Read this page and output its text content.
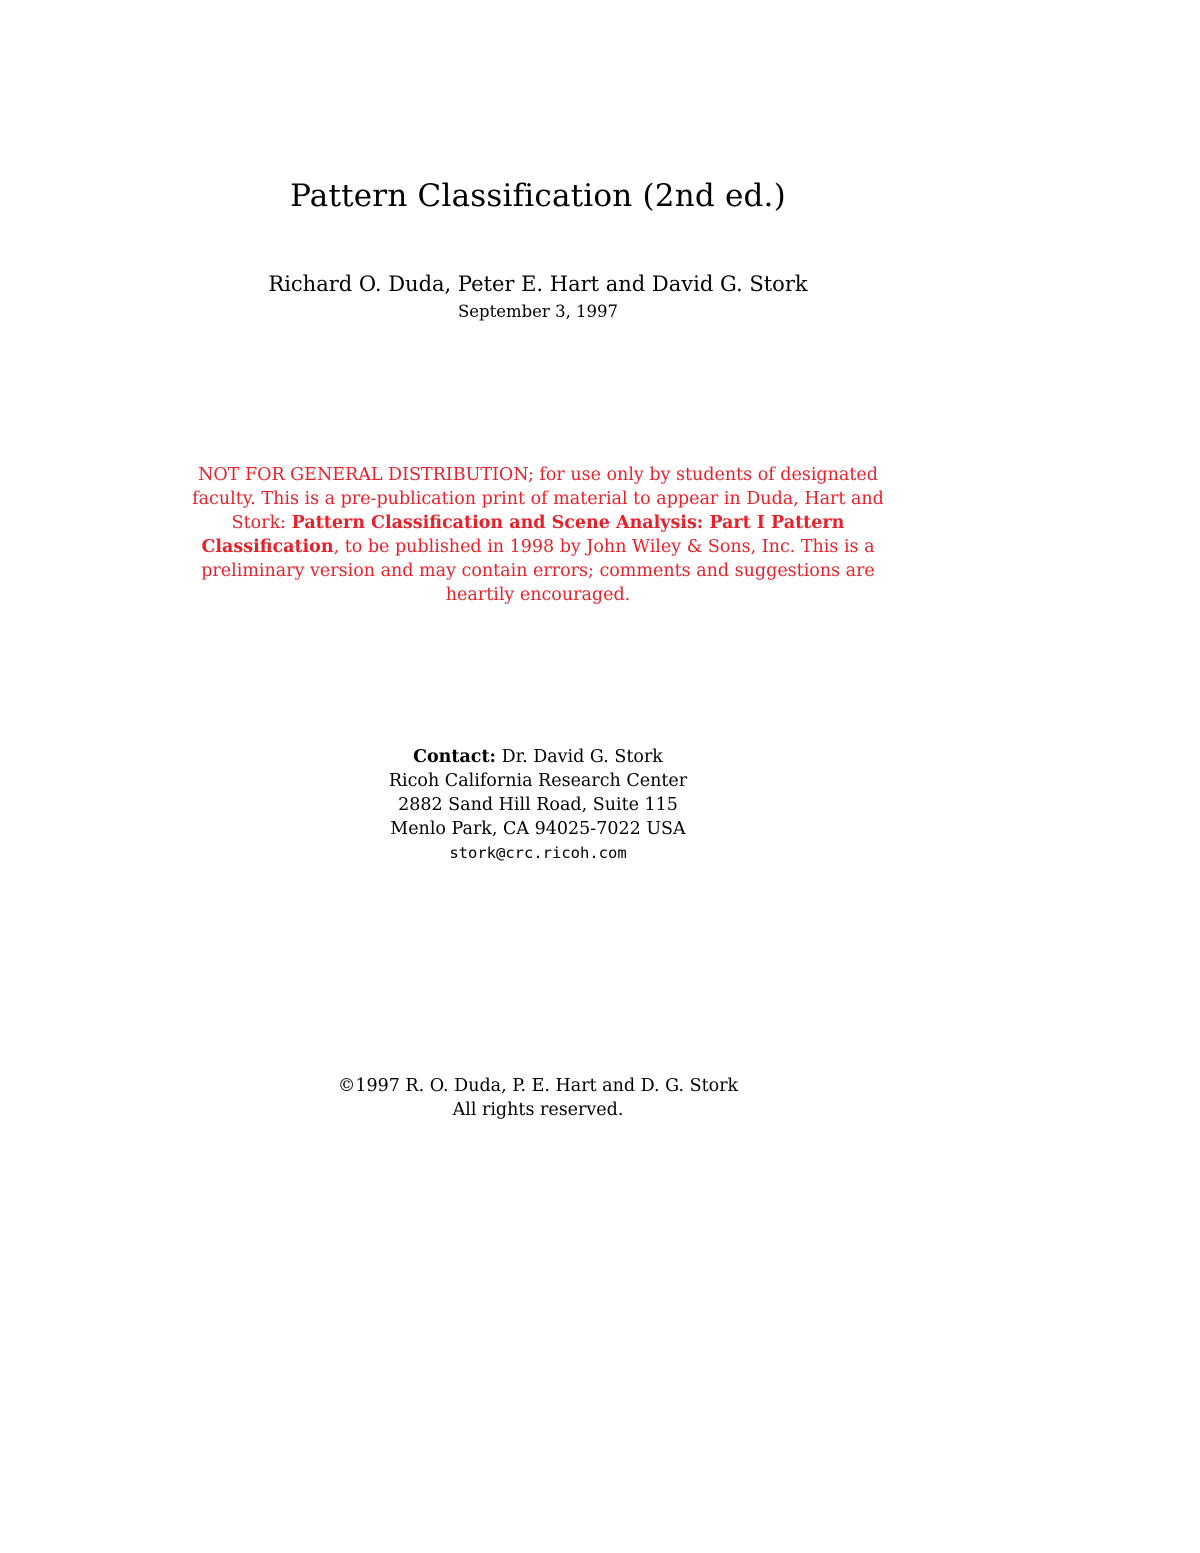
Pattern Classification (2nd ed.)
Richard O. Duda, Peter E. Hart and David G. Stork
September 3, 1997
NOT FOR GENERAL DISTRIBUTION; for use only by students of designated faculty. This is a pre-publication print of material to appear in Duda, Hart and Stork: Pattern Classification and Scene Analysis: Part I Pattern Classification, to be published in 1998 by John Wiley & Sons, Inc. This is a preliminary version and may contain errors; comments and suggestions are heartily encouraged.
Contact: Dr. David G. Stork
Ricoh California Research Center
2882 Sand Hill Road, Suite 115
Menlo Park, CA 94025-7022 USA
stork@crc.ricoh.com
©1997 R. O. Duda, P. E. Hart and D. G. Stork
All rights reserved.
